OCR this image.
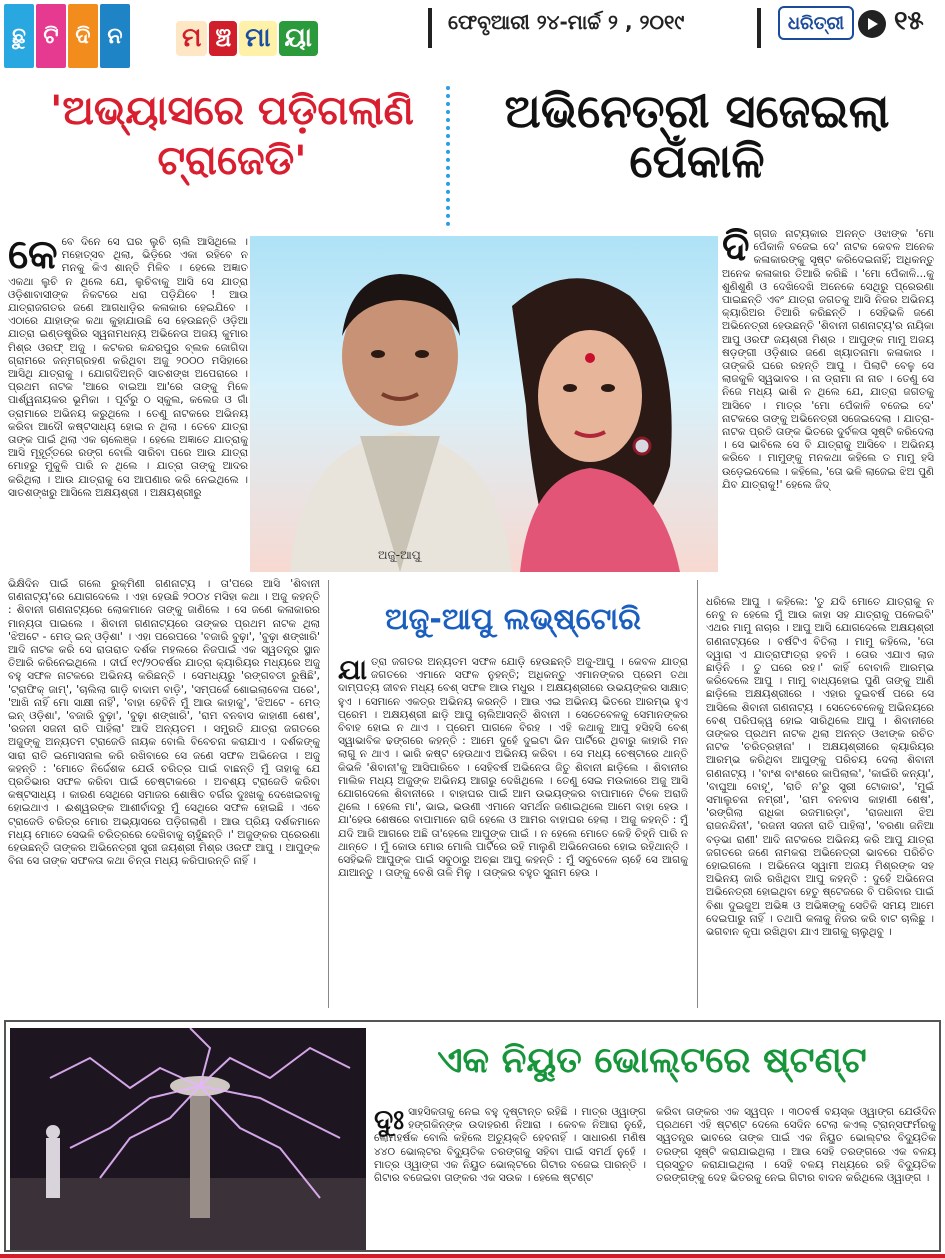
ଛୁ ଟି ଦି ନ ମ ଞ୍ଚ ମା ୟା
ଫେବୃଆରୀ ୨୪-ମାର୍ଚ୍ଚ ୨ , ୨୦୧୯	ଧରିତ୍ରୀ	୧୫
'ଅଭ୍ୟାସରେ ପଡ଼ିଗଲାଣି ଟ୍ରାଜେଡି'
ଅଭିନେତ୍ରୀ ସଜେଇଲା ପେଁକାଳି
କେ ବେ ଦିନେ ସେ ଘର ଲୁଚି ଚାଲି ଆସିଥିଲେ । ମହୋତ୍ସବ ଥିଲା, ଭିଡ଼ିରେ ଏକା ରହିବେ ନ ମନକୁ କିଏ ଶାନ୍ତି ମିଳିବ । ହେଲେ ଅଜ୍ଞାତ ଏକଥା ଲୁଚି ନ ଥିଲେ ଯେ, ଲୁଚିବାକୁ ଆସି ସେ ଯାତ୍ରା ଓଡ଼ିଶାବାସୀଙ୍କ ନିକଟରେ ଧରା ପଡ଼ିଯିବେ ! ଆଉ ଯାତ୍ରାଜଗତର ଜଣେ ଆଗଧାଡ଼ିର କଳାକାର ହେଇଯିବେ । ଏଠାରେ ଯାହାଙ୍କ କଥା କୁହାଯାଉଛି ସେ ହେଉଛନ୍ତି ଓଡ଼ିଆ ଯାତ୍ରା ଇଣ୍ଡଷ୍ଟ୍ରିର ସ୍ୱନାମଧନ୍ୟ ଅଭିନେତା ଅଜୟ କୁମାର ମିଶ୍ର ଓରଫ୍ ଅଜୁ । କଟକର କନ୍ଦରପୁର ବ୍ଲକ ଜୋଗିଦା ଗ୍ରାମରେ ଜନ୍ମଗ୍ରହଣ କରିଥିବା ଅଜୁ ୨୦୦୦ ମସିହାରେ ଆସିଥି ଯାତ୍ରାକୁ । ଯୋଗଦିଅନ୍ତି ସାତଶଙ୍ଖ ଅପେରାରେ । ପ୍ରଥମ ନାଟକ 'ଆରେ ବାଇଆ ଆ'ରେ ତାଙ୍କୁ ମିଳେ ପାର୍ଶ୍ୱନାୟକର ଭୂମିକା । ପୂର୍ବରୁ ଠ ସ୍କୁଲ, କଲେଜ ଓ ଗାଁ ଡ୍ରାମାରେ ଅଭିନୟ କରୁଥିଲେ । ତେଣୁ ନାଟକରେ ଅଭିନୟ କରିବା ଆଦୌ କଷ୍ଟସାଧ୍ୟ ହୋଇ ନ ଥିଲା । ତେବେ ଯାତ୍ରା ତାଙ୍କ ପାଇଁ ଥିଲା ଏକ ଚାଲେଞ୍ଜ । ହେଲେ ଅଜ୍ଞାତେ ଯାତ୍ରାକୁ ଆସି ମୂହୂର୍ତ୍ତରେ ରଙ୍ଗ ବୋଲି ସାରିବା ପରେ ଆଉ ଯାତ୍ରା ମୋହରୁ ମୁକୁଳି ପାରି ନ ଥିଲେ । ଯାତ୍ରା ତାଙ୍କୁ ଆଦର କରିଥିଲା । ଆଉ ଯାତ୍ରାକୁ ସେ ଆପଣାର କରି ନେଇଥିଲେ । ସାତଶଙ୍ଖରୁ ଆସିଲେ ଅକ୍ଷୟଶ୍ରୀ । ଅକ୍ଷୟଶ୍ରୀରୁ
ଭିକ୍ଷିଦିନ ପାଇଁ ଗଲେ ରୁକ୍ମିଣୀ ଗଣନାଟ୍ୟ । ତା'ପରେ ଆସି 'ଶିବାନୀ ଗଣନାଟ୍ୟ'ରେ ଯୋଗଦେଲେ । ଏହା ହେଉଛି ୨୦୦୪ ମସିହା କଥା । ଅଜୁ କହନ୍ତି : ଶିବାନୀ ଗଣନାଟ୍ୟରେ ଲୋକମାନେ ତାଙ୍କୁ ଜାଣିଲେ । ସେ ଜଣେ କଳାକାରର ମାନ୍ୟତା ପାଇଲେ । ଶିବାନୀ ଗଣନାଟ୍ୟରେ ତାଙ୍କର ପ୍ରଥମ ନାଟକ ଥିଲା 'ଝିଅଟେ - ମେଡ୍ ଇନ୍ ଓଡ଼ିଶା' । ଏହା ପରେପରେ 'ବଜାରି ବୁଢ଼ା', 'ବୁଢ଼ା ଶଙ୍ଖାରି' ଆଦି ନାଟକ କରି ସେ ରାତାରାତ ଦର୍ଶକ ମହଲରେ ନିଜପାଇଁ ଏକ ସ୍ୱତନ୍ତ୍ର ସ୍ଥାନ ତିଆରି କରିନେଇଥିଲେ । ଦୀର୍ଘ ୧୯/୨୦ବର୍ଷର ଯାତ୍ରା କ୍ୟାରିୟର ମଧ୍ୟରେ ଅଜୁ ବହୁ ସଫଳ ନାଟକରେ ଅଭିନୟ କରିଛନ୍ତି । ସେମଧ୍ୟରୁ 'ରଙ୍ଗବତୀ ରୁଷିଛି', 'ଟ୍ରାଫିକ୍ ଜାମ୍', 'ଚାଲିଲା ଗାଡ଼ି ବାଦାମ ବାଡ଼ି', 'ସମ୍ପର୍କେ ଶୋଇଲାବେଳା ପରେ', 'ଆଖି ନାହିଁ ମୋ ସାକ୍ଷୀ ନାହିଁ', 'ବାହା ହେବିନି ମୁଁ ଆଉ କାହାକୁ', 'ଝିଅଟେ - ମେଡ୍ ଇନ୍ ଓଡ଼ିଶା', 'ବଜାରି ବୁଢ଼ା', 'ବୁଢ଼ା ଶଙ୍ଖାରି', 'ରାମ ବନବାସ କାହାଣୀ ଶେଷ', 'ରଜନୀ ସଜନୀ ରାତି ପାହିଲା' ଆଦି ଅନ୍ୟତମ । ସମ୍ପ୍ରତି ଯାତ୍ରା ଜଗତରେ ଅଜୁଙ୍କୁ ଅନ୍ୟତମ ଟ୍ରାଜେଡି ନାୟକ ବୋଲି ବିବେଚନା କରାଯାଏ । ଦର୍ଶକଙ୍କୁ ସାରା ରାତି ଇମୋସନାଲ କରି ରଖିବାରେ ସେ ଜଣେ ସଫଳ ଅଭିନେତା । ଅଜୁ କହନ୍ତି : 'ମୋତେ ନିର୍ଦ୍ଦେଶକ ଯେଉଁ ଚରିତ୍ର ପାଇଁ ବାଛନ୍ତି ମୁଁ ତାହାକୁ ଯେ ପ୍ରତିଭାର ସଫଳ କରିବା ପାଇଁ ଚେଷ୍ଟାକରେ । ଅବଶ୍ୟ ଟ୍ରାଜେଡି କରିବା କଷ୍ଟସାଧ୍ୟ । କାରଣ ସେଥିରେ ସମାଜର ଶୋଷିତ ବର୍ଗର ଦୁଃଖକୁ ଦେଖେଇବାକୁ ହୋଇଥାଏ । ଈଶ୍ୱରଙ୍କ ଆଶୀର୍ବାଦରୁ ମୁଁ ସେଥିରେ ସଫଳ ହୋଇଛି । ଏବେ ଟ୍ରାଜେଡି ଚରିତ୍ର ମୋର ଅଭ୍ୟାସରେ ପଡ଼ିଗଲାଣି । ଆଉ ପ୍ରିୟ ଦର୍ଶକମାନେ ମଧ୍ୟ ମୋତେ ସେଭଳି ଚରିତ୍ରରେ ଦେଖିବାକୁ ଚାହୁଁଛନ୍ତି ।' ଅଜୁଙ୍କର ପ୍ରେରଣା ହେଉଛନ୍ତି ତାଙ୍କର ଅଭିନେତ୍ରୀ ସ୍ତ୍ରୀ ଜୟଶ୍ରୀ ମିଶ୍ର ଓରଫ ଆପୁ । ଆପୁଙ୍କ ବିନା ସେ ତାଙ୍କ ସଫଳତା କଥା ଚିନ୍ତା ମଧ୍ୟ କରିପାରନ୍ତି ନାହିଁ ।
ଅଜୁ-ଆପୁ
ଦି ଗ୍ଗଜ ନାଟ୍ୟକାର ଅନନ୍ତ ଓଝାଙ୍କ 'ମୋ ପେଁକାଳି ବଜେଇ ଦେ' ନାଟକ କେବଳ ଅନେକ କଳାକାରଙ୍କୁ ସୃଷ୍ଟ କରିଦେଇନାହିଁ; ଅଧିକନ୍ତୁ ଅନେକ କଳାକାର ତିଆରି କରିଛି । 'ମୋ ପେଁକାଳି...କୁ ଶୁଣିଶୁଣି ଓ ଦେଖିଦେଖି ଅନେକେ ସେଥିରୁ ପ୍ରେରଣା ପାଇଛନ୍ତି ଏବଂ ଯାତ୍ରା ଜଗତକୁ ଆସି ନିଜର ଅଭିନୟ କ୍ୟାରିଅର ତିଆରି କରିଛନ୍ତି । ସେହିଭଳି ଜଣେ ଅଭିନେତ୍ରୀ ହେଉଛନ୍ତି 'ଶିବାନୀ ଗଣନାଟ୍ୟ'ର ନାୟିକା ଆପୁ ଓରଫ ଜୟଶ୍ରୀ ମିଶ୍ର । ଆପୁଙ୍କ ମାମୁ ଅଜୟ ଷଡ଼ଙ୍ଗୀ ଓଡ଼ିଶାର ଜଣେ ଖ୍ୟାତନାମା କଳାକାର । ତାଙ୍କରି ଘରେ ରହନ୍ତି ଆପୁ । ପିଲାଟି ବେଳୁ ସେ ଲାଜକୁଳି ସ୍ୱଭାବର । ନା ଡ୍ରାମା ନା ନାଚ । ତେଣୁ ସେ ନିଜେ ମଧ୍ୟ ଭାଶି ନ ଥିଲେ ଯେ, ଯାତ୍ରା ଜଗତକୁ ଆସିବେ । ମାତ୍ର 'ମୋ ପେଁକାଳି ବଜେଇ ଦେ' ନାଟକରେ ତାଙ୍କୁ ଅଭିନେତ୍ରୀ ସଜେଇଦେଲା । ଯାତ୍ରା-ନାଟକ ପ୍ରତି ତାଙ୍କ ଭିତରେ ଦୁର୍ବଳତା ସୃଷ୍ଟି କରିଦେଲା । ସେ ଭାବିଲେ ସେ ବି ଯାତ୍ରାକୁ ଆସିବେ । ଅଭିନୟ କରିବେ । ମାମୁଙ୍କୁ ମନକଥା କହିଲେ ତ ମାମୁ ହସି ଉଡ଼େଇଦେଲେ । କହିଲେ, 'ତୋ ଭଳି ଲାଜେଇ ଝିଅ ପୁଣି ଯିବ ଯାତ୍ରାକୁ!' ହେଲେ ଜିଦ୍
ଧରିଲେ ଆପୁ । କହିଲେ: 'ତୁ ଯଦି ମୋତେ ଯାତ୍ରାକୁ ନ ନେବୁ ନ ହେଲେ ମୁଁ ଆଉ କାହା ସହ ଯାତ୍ରାକୁ ପଳେଇବି' ଏଥର ମାମୁ ନାଚାର । ଆପୁ ଆସି ଯୋଗଦେଲେ ଅକ୍ଷୟଶ୍ରୀ ଗଣନାଟ୍ୟରେ । ବର୍ଷଟିଏ ବିତିଲା । ମାମୁ କହିଲେ, 'ତୋ ଦ୍ୱାରା ଏ ଯାତ୍ରାଫାତ୍ରା ହବନି । ତୋର ଏଯାଏ ଲାଜ ଛାଡ଼ିନି । ତୁ ଘରେ ରହ।' କାହିଁ ବୋବାଳି ଆରମ୍ଭ କରିଦେଲେ ଆପୁ । ମାମୁ ବାଧ୍ୟହୋଇ ପୁଣି ତାଙ୍କୁ ଆଣି ଛାଡ଼ିଲେ ଅକ୍ଷୟଶ୍ରୀରେ । ଏହାର ଦୁଇବର୍ଷ ପରେ ସେ ଆସିଲେ ଶିବାନୀ ଗଣନାଟ୍ୟ । ସେତେବେଳେକୁ ଅଭିନୟରେ ବେଶ୍ ପରିପକ୍ୱ ହୋଇ ସାରିଥିଲେ ଆପୁ । ଶିବାନୀରେ ତାଙ୍କର ପ୍ରଥମ ନାଟକ ଥିଲା ଅନନ୍ତ ଓଝାଙ୍କ ରଚିତ ନାଟକ 'ଚରିତ୍ରହୀନା' । ଅକ୍ଷୟଶ୍ରୀରେ କ୍ୟାରିୟର ଆରମ୍ଭ କରିଥିବା ଆପୁଙ୍କୁ ପରିଚୟ ଦେଲା ଶିବାନୀ ଗଣନାଟ୍ୟ । 'ବାଂଶ ବାଂଶରେ କାପିଲାଲ', 'କାଇଁରି କନ୍ୟା', 'ବାଘୁଆ ବୋହୂ', 'ରାତି ନ'ରୁ ସ୍ତ୍ରୀ ଟୋକାର', 'ମୁଇଁ ସମାଲୁଚନା ନମ୍ରୀ', 'ରାମ ବନବାସ କାହାଣୀ ଶେଷ', 'ରଙ୍ଗିଲା ରାଧିକା ରଜମାରଡ଼ା', 'ରାଜଧାନୀ ଝିଅ ରାଜନନ୍ଦିନୀ', 'ରଜନୀ ସଜନୀ ରାତି ପାହିଲା', 'ବରଣା ଜନିଆ ବଡ଼ଭା ରାଣୀ' ଆଦି ନାଟକରେ ଅଭିନୟ କରି ଆପୁ ଯାତ୍ରା ଜଗତରେ ଜଣେ ନାମକରା ଅଭିନେତ୍ରୀ ଭାବରେ ପରିଚିତ ହୋଇଗଲେ । ଅଭିନେତା ସ୍ୱାମୀ ଅଜୟ ମିଶ୍ରଙ୍କ ସହ ଅଭିନୟ ଜାରି ରଖିଥିବା ଆପୁ କହନ୍ତି : ଦୁହେଁ ଅଭିନେତା ଅଭିନେତ୍ରୀ ହୋଇଥିବା ହେତୁ ଷ୍ଟେଜରେ ବି ପରିବାର ପାଇଁ ବିଶା ଦୁଇଜୁଅ ଅଭିଜ୍ଞ ଓ ଅଭିଜ୍ଞଙ୍କୁ ସେତିକି ସମୟ ଆମେ ଦେଇପାରୁ ନାହିଁ । ତଥାପି କଳାକୁ ନିଜର କରି ବାଟ ଚାଲିଛୁ । ଭଗବାନ କୃପା ରଖିଥିବା ଯାଏ ଆଗକୁ ଚାଲୁଥିବୁ ।
ଅଜୁ-ଆପୁ ଲଭ୍ଷ୍ଟୋରି
ଯା ତ୍ରା ଜଗତର ଅନ୍ୟତମ ସଫଳ ଯୋଡ଼ି ହେଉଛନ୍ତି ଅଜୁ-ଆପୁ । କେବଳ ଯାତ୍ରା ଜଗତରେ ଏମାନେ ସଫଳ ନୁହନ୍ତି; ଅଧିକନ୍ତୁ ଏମାନଙ୍କର ପ୍ରେମ ତଥା ଦାମ୍ପତ୍ୟ ଜୀବନ ମଧ୍ୟ ବେଶ୍ ସଫଳ ଆଉ ମଧୁର । ଅକ୍ଷୟଶ୍ରୀରେ ଉଭୟଙ୍କର ସାକ୍ଷାତ୍ ହୁଏ । ସେମାନେ ଏକତ୍ର ଅଭିନୟ କରନ୍ତି । ଆଉ ଏଇ ଅଭିନୟ ଭିତରେ ଆରମ୍ଭ ହୁଏ ପ୍ରେମ । ଅକ୍ଷୟଶ୍ରୀ ଛାଡ଼ି ଆପୁ ଚାଲିଆସନ୍ତି ଶିବାନୀ । ସେତେବେଳକୁ ସେମାନଙ୍କର ବିବାହ ହୋଇ ନ ଥାଏ । ପ୍ରେମ ପାଗଳେ ବିରହ । ଏହି କଥାକୁ ଆପୁ ହସିହସି ବେଶ୍ ସ୍ୱାଭାବିକ ଢଙ୍ଗରେ କହନ୍ତି : ଆମେ ଦୁହେଁ ଦୁଇଟା ଭିନ ପାର୍ଟିରେ ଥିବାରୁ କାହାରି ମନ ଲାଗୁ ନ ଥାଏ । ଭାରି କଷ୍ଟ ହେଉଥାଏ ଅଭିନୟ କରିବା । ସେ ମଧ୍ୟ ଚେଷ୍ଟାରେ ଥାନ୍ତି କିଭଳି 'ଶିବାନୀ'କୁ ଆସିପାରିବେ । ସେହିବର୍ଷ ଅଭିନେତା ଜିତୁ ଶିବାନୀ ଛାଡ଼ିଲେ । ଶିବାନୀର ମାଲିକ ମଧ୍ୟ ଅଜୁଙ୍କ ଅଭିନୟ ଆଗରୁ ଦେଖିଥିଲେ । ତେଣୁ ସେଇ ମଉକାରେ ଅଜୁ ଆସି ଯୋଗଦେଲେ ଶିବାନୀରେ । ବାହାଘର ପାଇଁ ଆମ ଉଭୟଙ୍କର ବାପାମାନେ ଟିକେ ଅରାଜି ଥିଲେ । ହେଲେ ମା', ଭାଇ, ଭଉଣୀ ଏମାନେ ସମର୍ଥନ ଜଣାଇଥିଲେ ଆମେ ବାହା ହେଉ । ଯା'ହେଉ ଶେଷରେ ବାପାମାନେ ରାଜି ହେଲେ ଓ ଆମର ବାହାଘର ହେଲା । ଅଜୁ କହନ୍ତି : ମୁଁ ଯଦି ଆଜି ଆଗରେ ଅଛି ତା'ହେଲେ ଆପୁଙ୍କ ପାଇଁ । ନ ହେଲେ ମୋତେ କେହି ଚିହ୍ନି ପାରି ନ ଥାନ୍ତେ । ମୁଁ କୋଉ ମୋର ମୋଲି ପାର୍ଟିରେ ରହି ମାଲୁଣି ଅଭିନେତାରେ ହୋଇ ରହିଥାନ୍ତି । ସେହିଭଳି ଆପୁଙ୍କ ପାଇଁ ସବୁଠାରୁ ଅଚ୍ଛା ଆପୁ କହନ୍ତି : ମୁଁ ସବୁବେଳେ ଚାହେଁ ସେ ଆଗକୁ ଯାଆନ୍ତୁ । ତାଙ୍କୁ ବେଶି ତାଳି ମିଳୁ । ତାଙ୍କର ବହୁତ ସୁନାମ ହେଉ ।
ଏକ ନିୟୁତ ଭୋଲ୍ଟରେ ଷ୍ଟଣ୍ଟ
ଦୁଃ ସାହସିକତାକୁ ନେଇ ବହୁ ଦୃଷ୍ଟାନ୍ତ ରହିଛି । ମାତ୍ର ଓ୍ୱାଙ୍ଗ ହଙ୍ଗକିନ୍ଙ୍କ ଉଦାହରଣ ନିଆରା । କେବଳ ନିଆରା ନୁହେଁ, ଲୋମହର୍ଷକ ବୋଲି କହିଲେ ଅତ୍ୟୁକ୍ତି ହେବନାହିଁ । ସାଧାରଣ ମଣିଷ ୪୪୦ ଭୋଲ୍ଟର ବିଦ୍ୟୁତିକ ତରଙ୍ଗକୁ ସହିବା ପାଇଁ ସମର୍ଥ ନୁହେଁ । ମାତ୍ର ଓ୍ୱାଙ୍ଗ ଏକ ନିୟୁତ ଭୋଲ୍ଟରେ ଗିଟାର ବଜେଇ ପାରନ୍ତି । ଗିଟାର ବଜେଇବା ତାଙ୍କର ଏକ ସଉକ । ହେଲେ ଷ୍ଟଣ୍ଟ
କରିବା ତାଙ୍କର ଏକ ସ୍ୱପ୍ନ । ୩୦ବର୍ଷ ବୟସ୍କ ଓ୍ୱାଙ୍ଗ ଯେଉଁଦିନ ପ୍ରଥମେ ଏହି ଷ୍ଟଣ୍ଟ ଦେଲେ ସେଦିନ ଟେଲା କଏଲ୍ ଟ୍ରାନ୍ସଫର୍ମରକୁ ସ୍ୱତନ୍ତ୍ର ଭାବରେ ତାଙ୍କ ପାଇଁ ଏକ ନିୟୁତ ଭୋଲ୍ଟର ବିଦ୍ୟୁତିକ ତରଙ୍ଗ ସୃଷ୍ଟି କରାଯାଇଥିଲା । ଆଉ ସେହି ତରଙ୍ଗରେ ଏକ ବଳୟ ପ୍ରସ୍ତୁତ କରାଯାଇଥିଲା । ସେହି ବଳୟ ମଧ୍ୟରେ ରହି ବିଦ୍ୟୁତିକ ତରଙ୍ଗଙ୍କୁ ଦେହ ଭିତରକୁ ନେଇ ଗିଟାର ବାଦନ କରିଥିଲେ ଓ୍ୱାଙ୍ଗ ।
